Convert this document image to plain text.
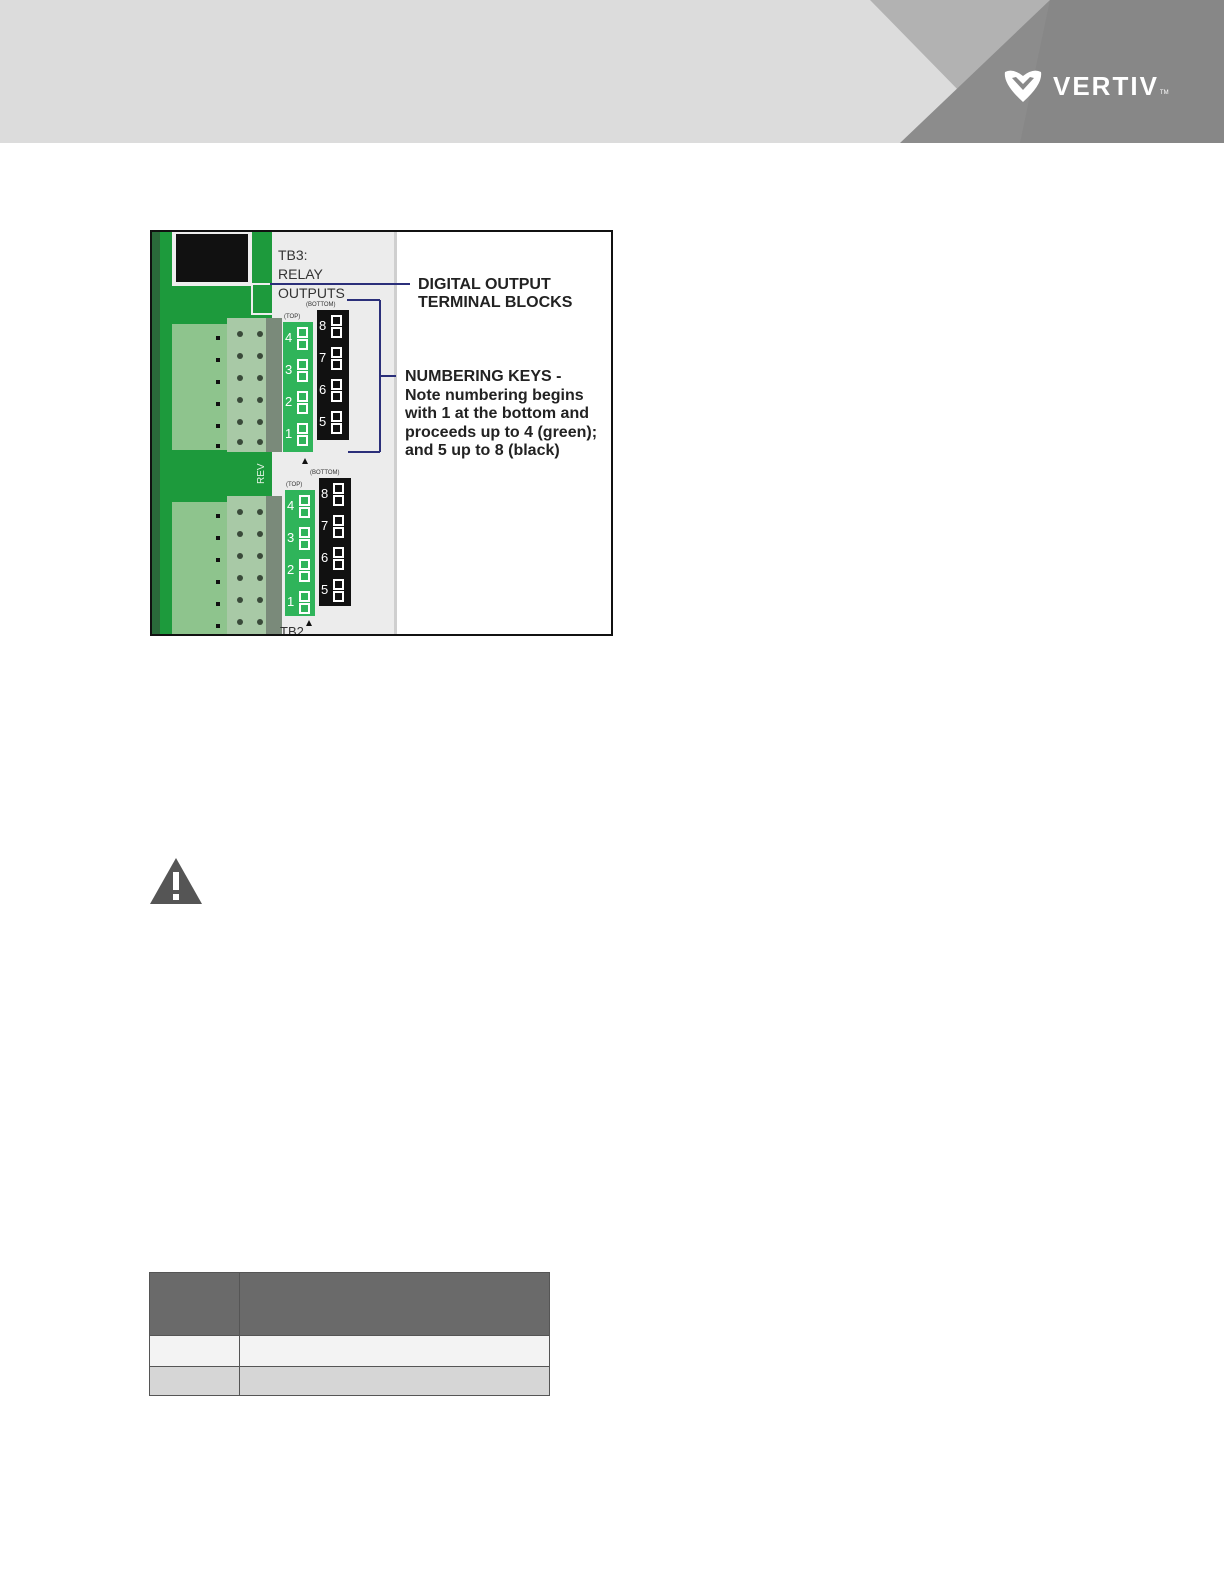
VERTIV TM
REV
TB3:
RELAY
OUTPUTS
(TOP)
(BOTTOM)
4
3
2
1
8
7
6
5
(TOP)
(BOTTOM)
4
3
2
1
8
7
6
5
TB2
DIGITAL OUTPUT
TERMINAL BLOCKS
NUMBERING KEYS -
Note numbering begins
with 1 at the bottom and
proceeds up to 4 (green);
and 5 up to 8 (black)
